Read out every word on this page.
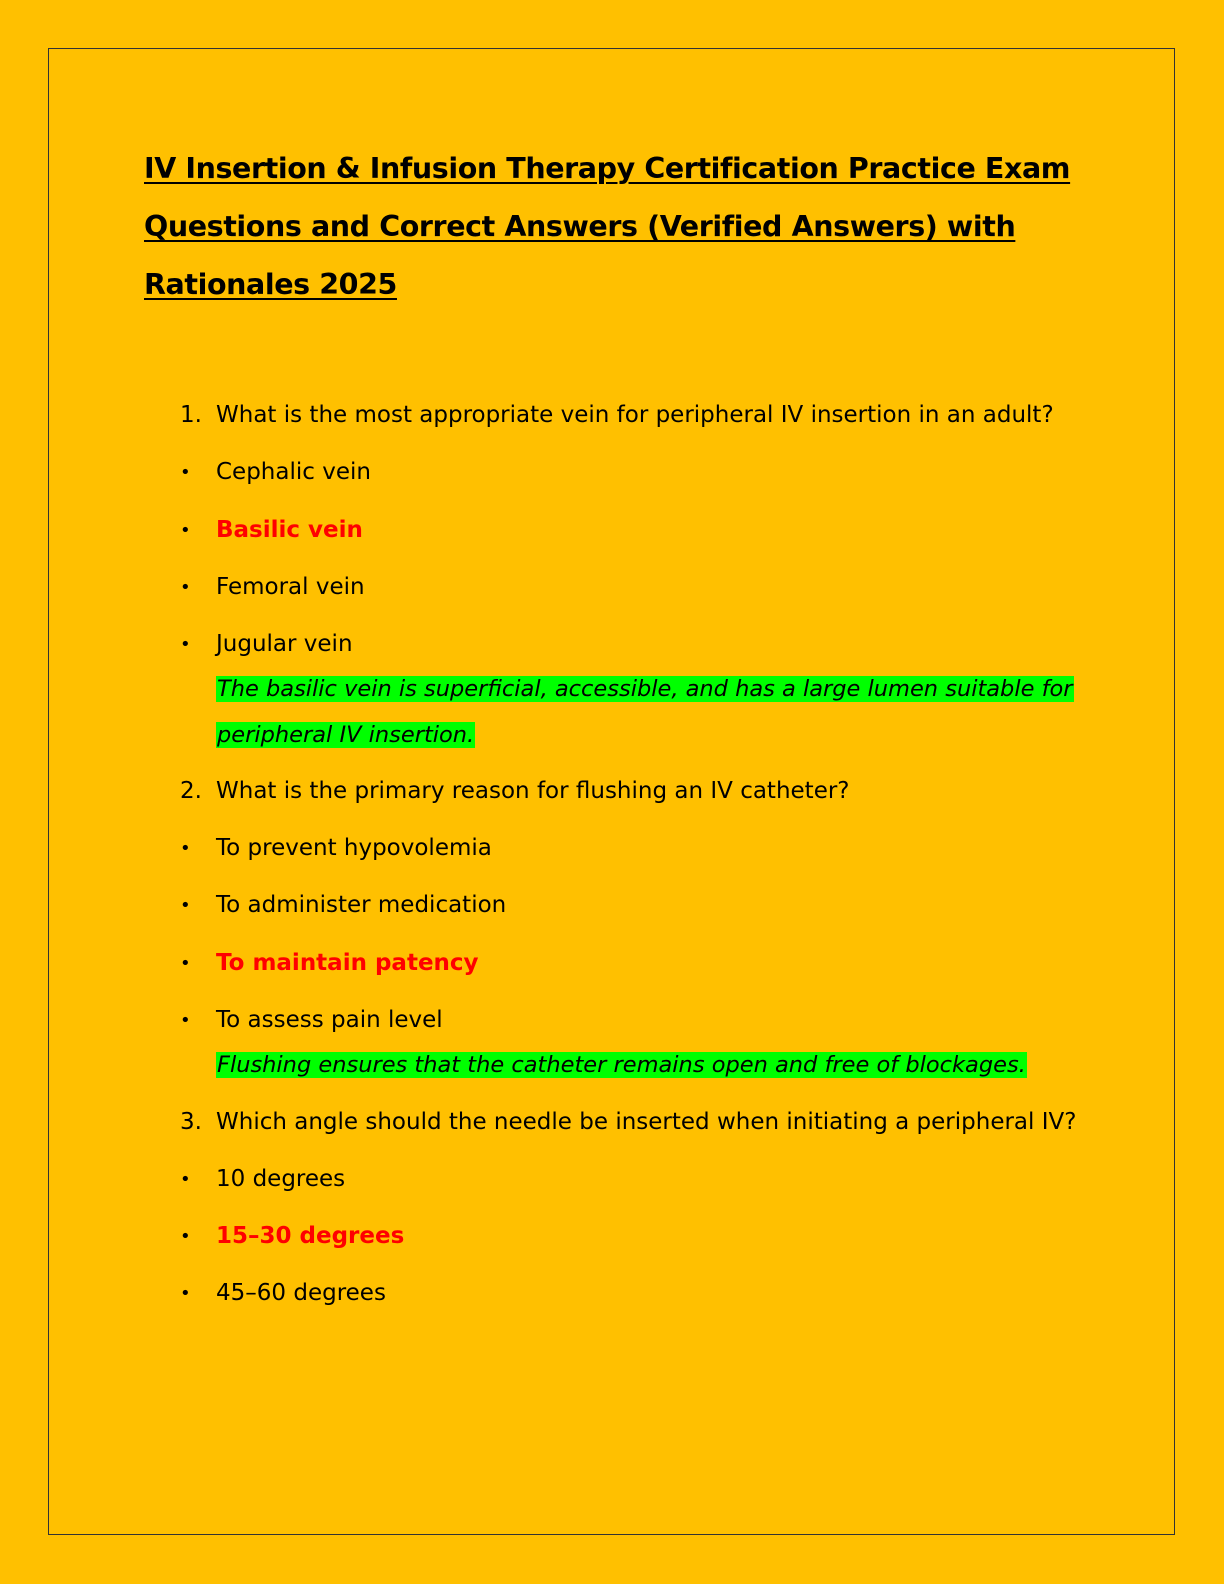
IV Insertion & Infusion Therapy Certification Practice Exam Questions and Correct Answers (Verified Answers) with Rationales 2025
1. What is the most appropriate vein for peripheral IV insertion in an adult?
• Cephalic vein
• Basilic vein
• Femoral vein
• Jugular vein
The basilic vein is superficial, accessible, and has a large lumen suitable for
peripheral IV insertion.
2. What is the primary reason for flushing an IV catheter?
• To prevent hypovolemia
• To administer medication
• To maintain patency
• To assess pain level
Flushing ensures that the catheter remains open and free of blockages.
3. Which angle should the needle be inserted when initiating a peripheral IV?
• 10 degrees
• 15–30 degrees
• 45–60 degrees
